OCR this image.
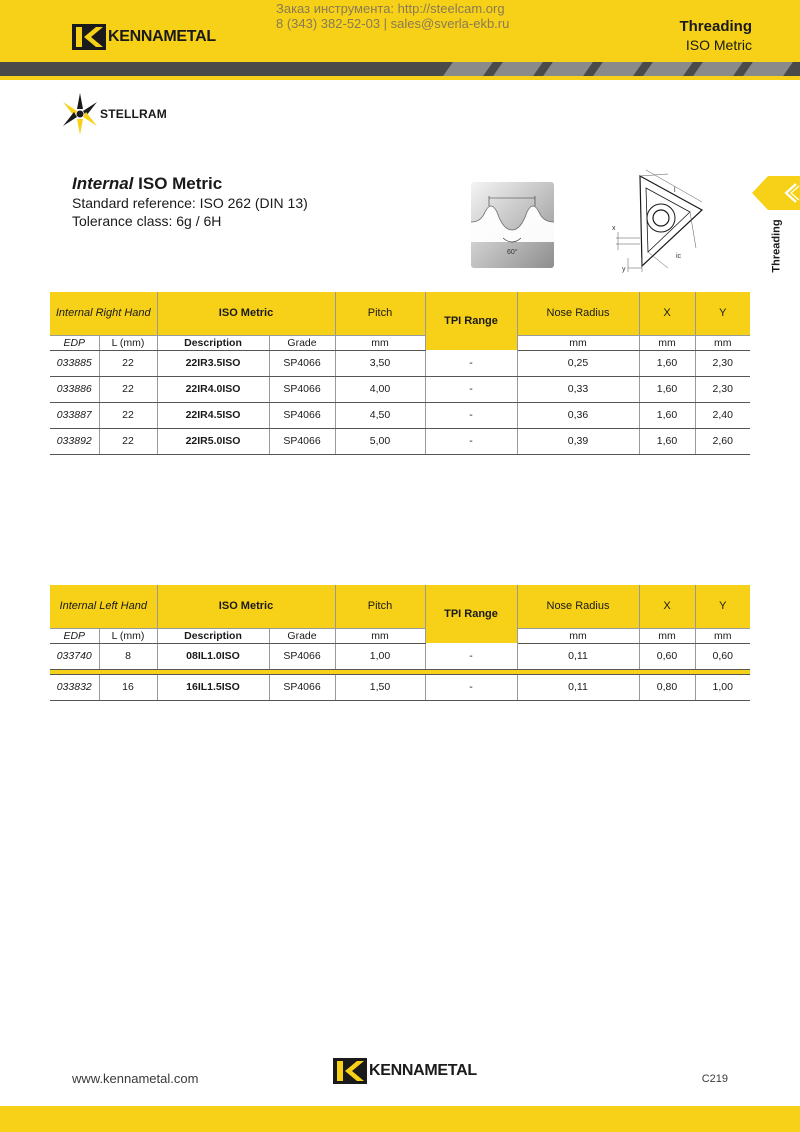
KENNAMETAL
Заказ инструмента: http://steelcam.org
8 (343) 382-52-03 | sales@sverla-ekb.ru	Threading
ISO Metric
STELLRAM
Internal ISO Metric
Standard reference: ISO 262 (DIN 13)
Tolerance class: 6g / 6H
60°
l
x
y
ic	Threading
Internal Right Hand		ISO Metric		Pitch	TPI Range	Nose Radius	X	Y
EDP	L (mm)	Description	Grade	mm		mm	mm	mm
033885	22	22IR3.5ISO	SP4066	3,50	-	0,25	1,60	2,30
033886	22	22IR4.0ISO	SP4066	4,00	-	0,33	1,60	2,30
033887	22	22IR4.5ISO	SP4066	4,50	-	0,36	1,60	2,40
033892	22	22IR5.0ISO	SP4066	5,00	-	0,39	1,60	2,60
Internal Left Hand		ISO Metric		Pitch	TPI Range	Nose Radius	X	Y
EDP	L (mm)	Description	Grade	mm		mm	mm	mm
033740	8	08IL1.0ISO	SP4066	1,00	-	0,11	0,60	0,60

033832	16	16IL1.5ISO	SP4066	1,50	-	0,11	0,80	1,00
www.kennametal.com	KENNAMETAL	C219
